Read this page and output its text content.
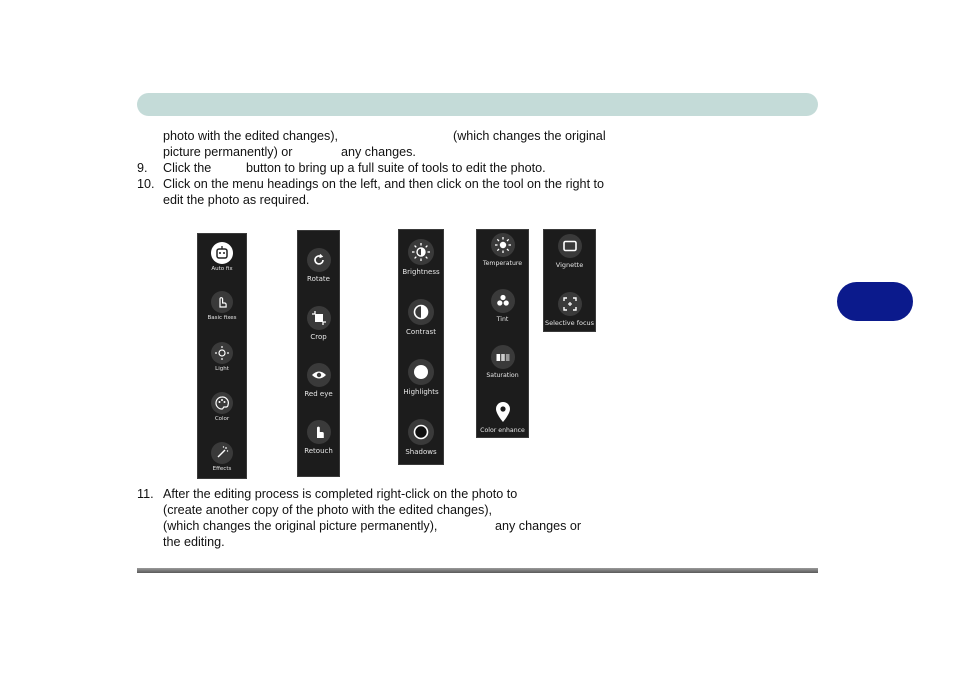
photo with the edited changes),	(which changes the original
picture permanently) or	any changes.
9. Click the	button to bring up a full suite of tools to edit the photo.
10. Click on the menu headings on the left, and then click on the tool on the right to
edit the photo as required.
Auto fix
Basic fixes
Light
Color
Effects
Rotate
Crop
Red eye
Retouch
Brightness
Contrast
Highlights
Shadows
Temperature
Tint
Saturation
Color enhance
Vignette
Selective focus
11. After the editing process is completed right-click on the photo to
(create another copy of the photo with the edited changes),
(which changes the original picture permanently),	any changes or
the editing.
